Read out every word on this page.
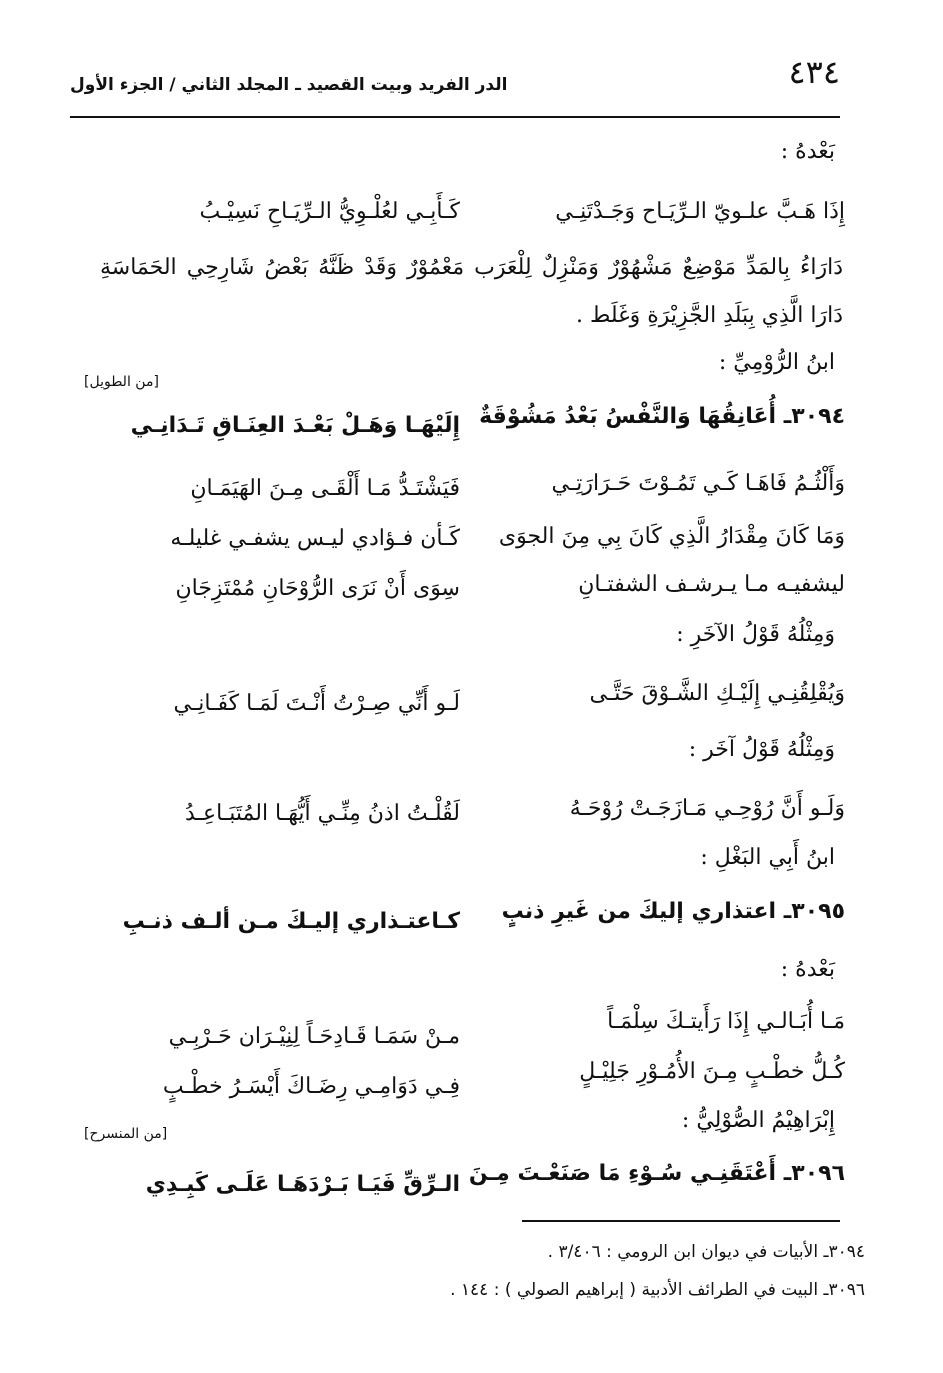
٤٣٤
الدر الفريد وبيت القصيد ـ المجلد الثاني / الجزء الأول
بَعْدهُ :
إِذَا هَـبَّ علـويّ الـرِّيَـاح وَجَـدْتَنِـي
كَـأَبِـي لعُلْـوِيُّ الـرِّيَـاحِ نَسِيْـبُ
دَارَاءُ بِالمَدِّ مَوْضِعٌ مَشْهُوْرٌ وَمَنْزِلٌ لِلْعَرَب مَعْمُوْرٌ وَقَدْ ظَنَّهُ بَعْضُ شَارِحِي الحَمَاسَةِ
دَارَا الَّذِي بِبَلَدِ الجَّزِيْرَةِ وَغَلَط .
ابنُ الرُّوْمِيِّ :
[من الطويل]
٣٠٩٤ـ أُعَانِقُهَا وَالنَّفْسُ بَعْدُ مَشُوْقَةٌ
إِلَيْهَـا وَهَـلْ بَعْـدَ العِنَـاقِ تَـدَانِـي
وَأَلْثُـمُ فَاهَـا كَـي تَمُـوْتَ حَـرَارَتِـي
فَيَشْتَـدُّ مَـا أَلْقَـى مِـنَ الهَيَمَـانِ
وَمَا كَانَ مِقْدَارُ الَّذِي كَانَ بِي مِنَ الجوَى
كَـأن فـؤادي ليـس يشفـي غليلـه
ليشفيـه مـا يـرشـف الشفتـانِ
سِوَى أَنْ نَرَى الرُّوْحَانِ مُمْتَزِجَانِ
وَمِثْلُهُ قَوْلُ الآخَرِ :
وَيُقْلِقُنِـي إِلَيْـكِ الشَّـوْقَ حَتَّـى
لَـو أَنِّي صِـرْتُ أَنْـتَ لَمَـا كَفَـانِـي
وَمِثْلُهُ قَوْلُ آخَر :
وَلَـو أَنَّ رُوْحِـي مَـازَجَـتْ رُوْحَـهُ
لَقُلْـتُ اذنُ مِنِّـي أَيُّهَـا المُتَبَـاعِـدُ
ابنُ أَبِي البَغْلِ :
٣٠٩٥ـ اعتذاري إليكَ من غَيرِ ذنبٍ
كـاعتـذاري إليـكَ مـن ألـف ذنـبِ
بَعْدهُ :
مَـا أُبَـالـي إِذَا رَأَيتـكَ سِلْمَـاً
مـنْ سَمَـا قَـادِحَـاً لِنِيْـرَان حَـرْبِـي
كُـلُّ خطْـبٍ مِـنَ الأُمُـوْرِ جَلِيْـلٍ
فِـي دَوَامِـي رِضَـاكَ أَيْسَـرُ خطْـبٍ
إِبْرَاهِيْمُ الصُّوْلِيُّ :
[من المنسرح]
٣٠٩٦ـ أَعْتَقَنِـي سُـوْءِ مَا صَنَعْـتَ مِـنَ
الـرِّقِّ فَيَـا بَـرْدَهَـا عَلَـى كَبِـدِي
٣٠٩٤ـ الأبيات في ديوان ابن الرومي : ٣/٤٠٦ .
٣٠٩٦ـ البيت في الطرائف الأدبية ( إبراهيم الصولي ) : ١٤٤ .
